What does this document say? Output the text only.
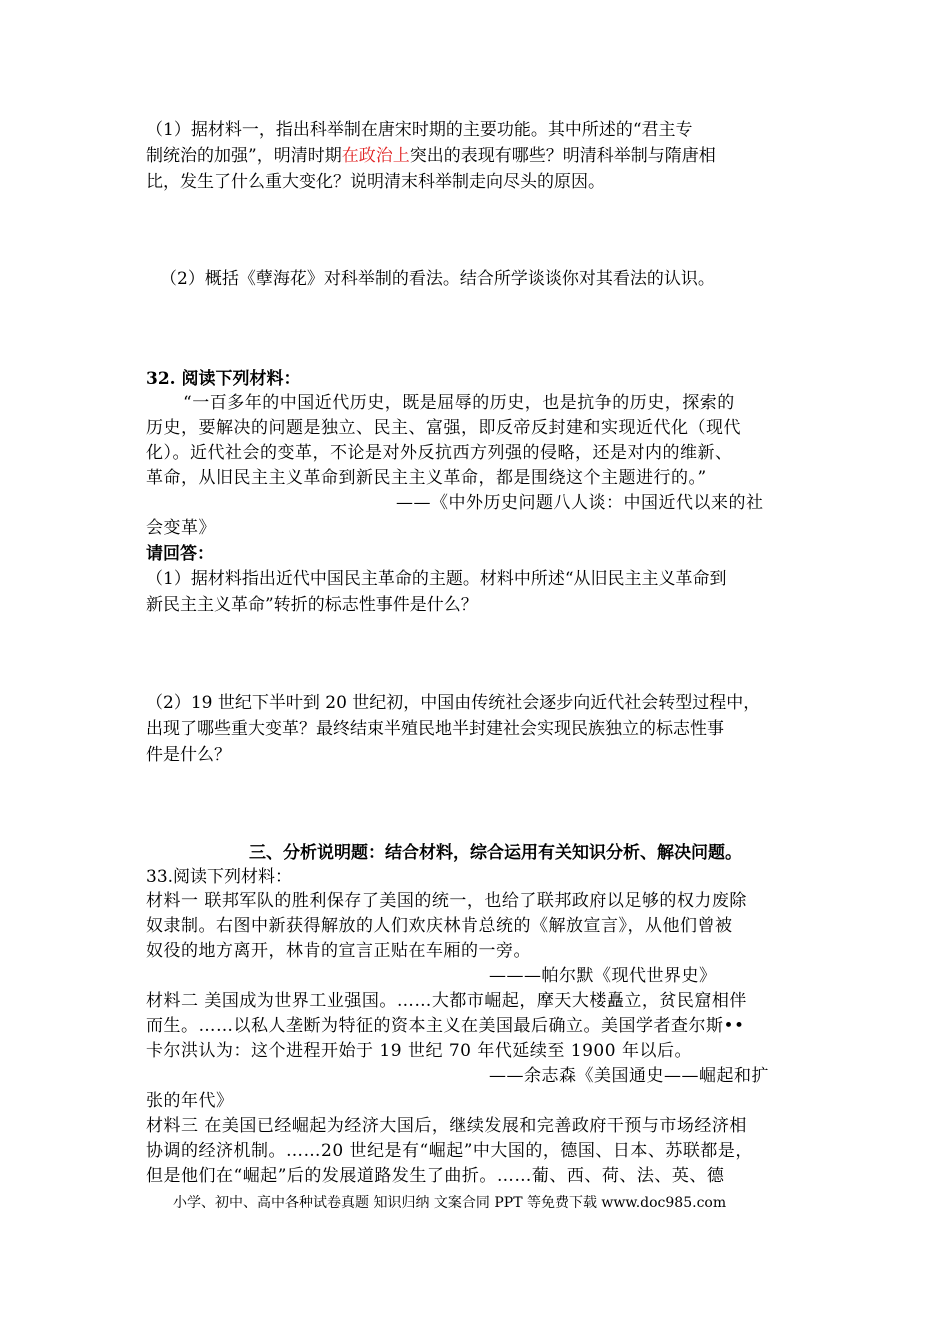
（1）据材料一，指出科举制在唐宋时期的主要功能。其中所述的“君主专
制统治的加强”，明清时期在政治上突出的表现有哪些？明清科举制与隋唐相
比，发生了什么重大变化？说明清末科举制走向尽头的原因。
（2）概括《孽海花》对科举制的看法。结合所学谈谈你对其看法的认识。
32. 阅读下列材料：
“一百多年的中国近代历史，既是屈辱的历史，也是抗争的历史，探索的
历史，要解决的问题是独立、民主、富强，即反帝反封建和实现近代化（现代
化）。近代社会的变革，不论是对外反抗西方列强的侵略，还是对内的维新、
革命，从旧民主主义革命到新民主主义革命，都是围绕这个主题进行的。”
——《中外历史问题八人谈：中国近代以来的社
会变革》
请回答：
（1）据材料指出近代中国民主革命的主题。材料中所述“从旧民主主义革命到
新民主主义革命”转折的标志性事件是什么？
（2）19 世纪下半叶到 20 世纪初，中国由传统社会逐步向近代社会转型过程中，
出现了哪些重大变革？最终结束半殖民地半封建社会实现民族独立的标志性事
件是什么？
三、分析说明题：结合材料，综合运用有关知识分析、解决问题。
33.阅读下列材料：
材料一 联邦军队的胜利保存了美国的统一，也给了联邦政府以足够的权力废除
奴隶制。右图中新获得解放的人们欢庆林肯总统的《解放宣言》，从他们曾被
奴役的地方离开，林肯的宣言正贴在车厢的一旁。
———帕尔默《现代世界史》
材料二 美国成为世界工业强国。……大都市崛起，摩天大楼矗立，贫民窟相伴
而生。……以私人垄断为特征的资本主义在美国最后确立。美国学者查尔斯••
卡尔洪认为：这个进程开始于 19 世纪 70 年代延续至 1900 年以后。
——余志森《美国通史——崛起和扩
张的年代》
材料三 在美国已经崛起为经济大国后，继续发展和完善政府干预与市场经济相
协调的经济机制。……20 世纪是有“崛起”中大国的，德国、日本、苏联都是，
但是他们在“崛起”后的发展道路发生了曲折。……葡、西、荷、法、英、德
小学、初中、高中各种试卷真题 知识归纳 文案合同 PPT 等免费下载 www.doc985.com
